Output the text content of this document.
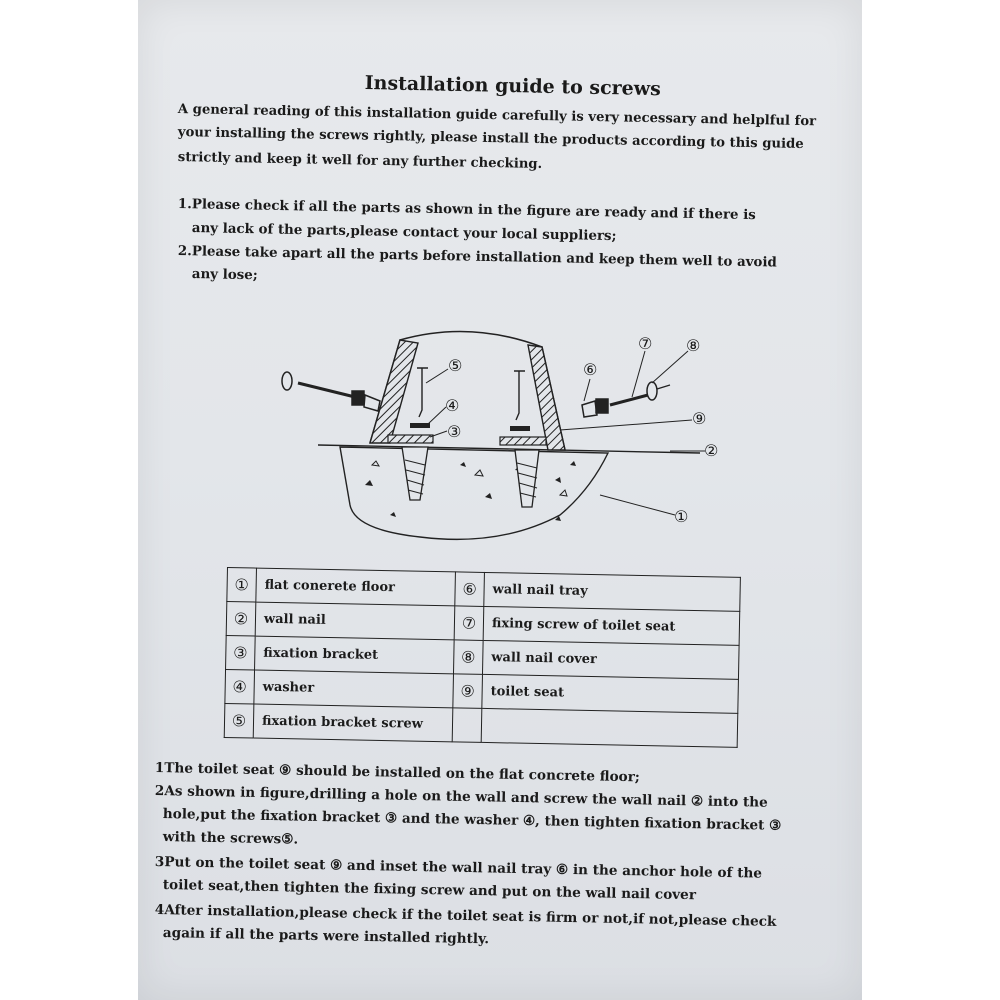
Installation guide to screws
A general reading of this installation guide carefully is very necessary and helplful for
your installing the screws rightly, please install the products according to this guide
strictly and keep it well for any further checking.
1.Please check if all the parts as shown in the figure are ready and if there is
any lack of the parts,please contact your local suppliers;
2.Please take apart all the parts before installation and keep them well to avoid
any lose;
⑤
④
③
⑥
⑦ ⑧
⑨
②
①
①	flat conerete floor	⑥	wall nail tray
②	wall nail	⑦	fixing screw of toilet seat
③	fixation bracket	⑧	wall nail cover
④	washer	⑨	toilet seat
⑤	fixation bracket screw		
1The toilet seat ⑨ should be installed on the flat concrete floor;
2As shown in figure,drilling a hole on the wall and screw the wall nail ② into the
hole,put the fixation bracket ③ and the washer ④, then tighten fixation bracket ③
with the screws⑤.
3Put on the toilet seat ⑨ and inset the wall nail tray ⑥ in the anchor hole of the
toilet seat,then tighten the fixing screw and put on the wall nail cover
4After installation,please check if the toilet seat is firm or not,if not,please check
again if all the parts were installed rightly.
